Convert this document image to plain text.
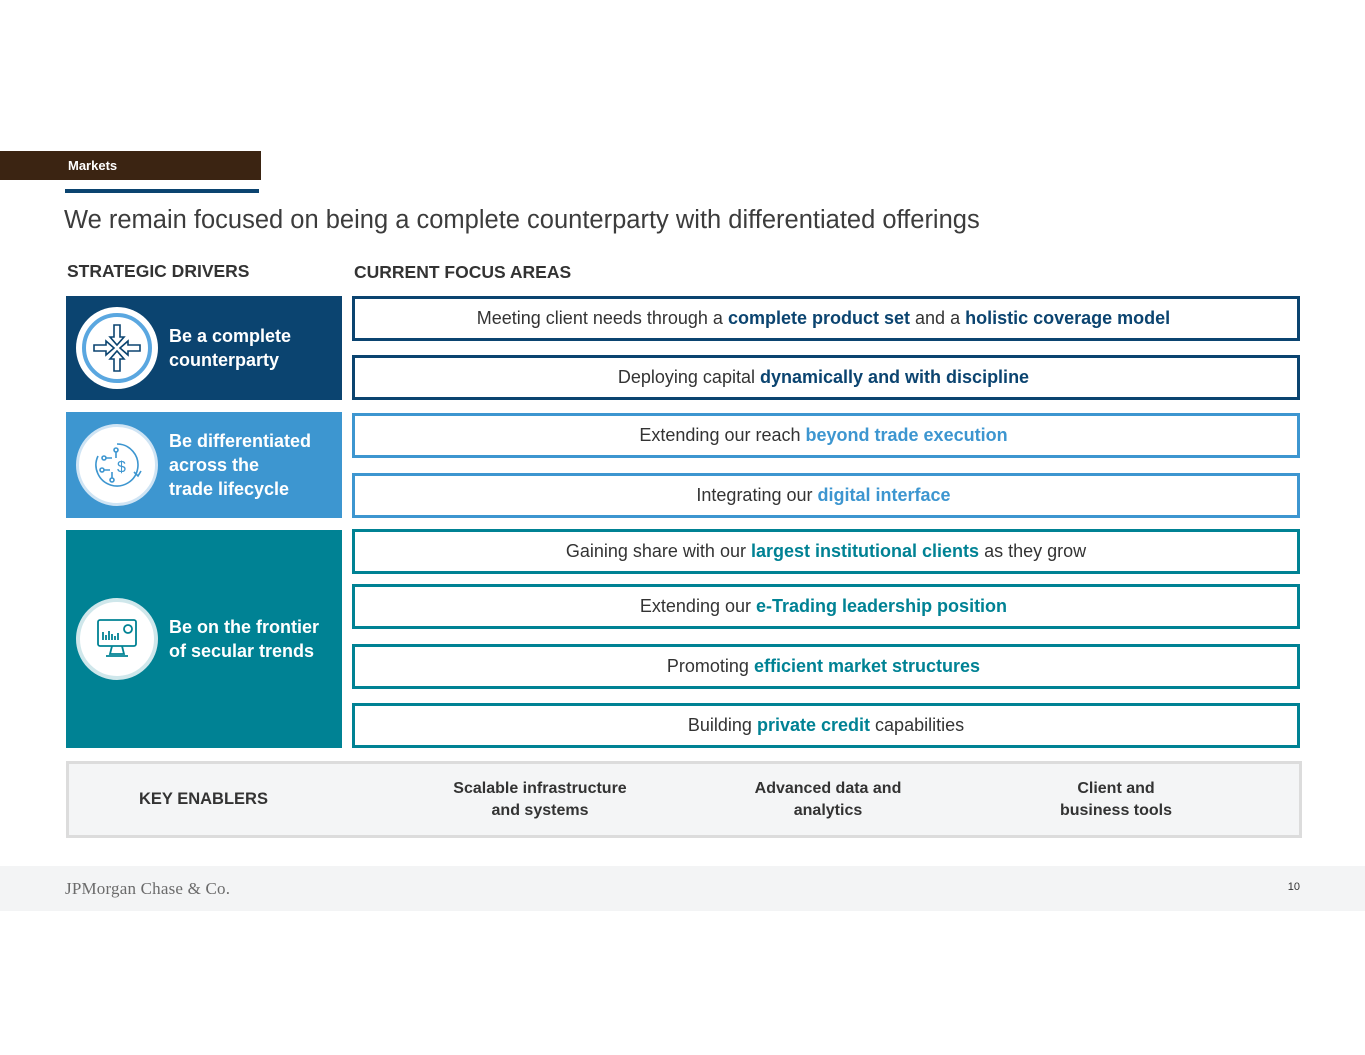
Markets
We remain focused on being a complete counterparty with differentiated offerings
STRATEGIC DRIVERS	CURRENT FOCUS AREAS
Be a complete
counterparty
$
Be differentiated
across the
trade lifecycle
Be on the frontier
of secular trends
Meeting client needs through a complete product set and a holistic coverage model
Deploying capital dynamically and with discipline
Extending our reach beyond trade execution
Integrating our digital interface
Gaining share with our largest institutional clients as they grow
Extending our e-Trading leadership position
Promoting efficient market structures
Building private credit capabilities
KEY ENABLERS
Scalable infrastructure
and systems
Advanced data and
analytics
Client and
business tools
JPMorgan Chase & Co.	10
